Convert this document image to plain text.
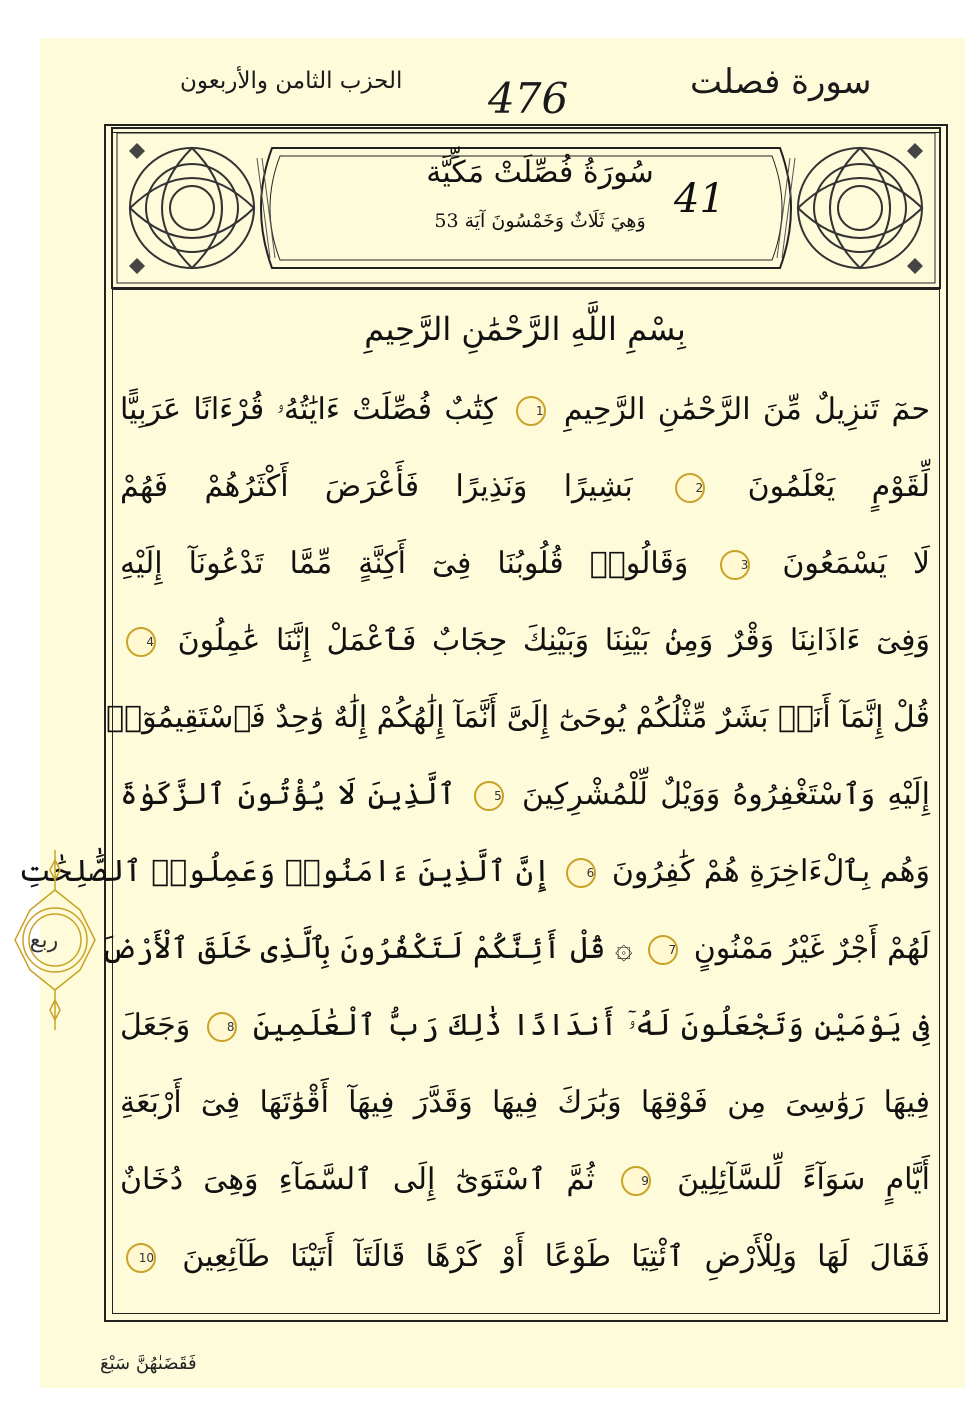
سورة فصلت
476
الحزب الثامن والأربعون
41
سُورَةُ فُصِّلَتْ مَكِّيَّة
وَهِيَ ثَلَاثٌ وَخَمْسُونَ آيَة 53
بِسْمِ اللَّهِ الرَّحْمَٰنِ الرَّحِيمِ
حمٓ تَنزِيلٌ مِّنَ الرَّحْمَٰنِ الرَّحِيمِ 1 كِتَٰبٌ فُصِّلَتْ ءَايَٰتُهُۥ قُرْءَانًا عَرَبِيًّا
لِّقَوْمٍ يَعْلَمُونَ 2 بَشِيرًا وَنَذِيرًا فَأَعْرَضَ أَكْثَرُهُمْ فَهُمْ
لَا يَسْمَعُونَ 3 وَقَالُوا۟ قُلُوبُنَا فِىٓ أَكِنَّةٍ مِّمَّا تَدْعُونَآ إِلَيْهِ
وَفِىٓ ءَاذَانِنَا وَقْرٌ وَمِنۢ بَيْنِنَا وَبَيْنِكَ حِجَابٌ فَٱعْمَلْ إِنَّنَا عَٰمِلُونَ 4
قُلْ إِنَّمَآ أَنَا۠ بَشَرٌ مِّثْلُكُمْ يُوحَىٰٓ إِلَىَّ أَنَّمَآ إِلَٰهُكُمْ إِلَٰهٌ وَٰحِدٌ فَٱسْتَقِيمُوٓا۟
إِلَيْهِ وَٱسْتَغْفِرُوهُ وَوَيْلٌ لِّلْمُشْرِكِينَ 5 ٱلَّذِينَ لَا يُؤْتُونَ ٱلزَّكَوٰةَ
وَهُم بِٱلْءَاخِرَةِ هُمْ كَٰفِرُونَ 6 إِنَّ ٱلَّذِينَ ءَامَنُوا۟ وَعَمِلُوا۟ ٱلصَّٰلِحَٰتِ
لَهُمْ أَجْرٌ غَيْرُ مَمْنُونٍ 7 ۞ قُلْ أَئِنَّكُمْ لَتَكْفُرُونَ بِٱلَّذِى خَلَقَ ٱلْأَرْضَ
فِى يَوْمَيْنِ وَتَجْعَلُونَ لَهُۥٓ أَندَادًا ذَٰلِكَ رَبُّ ٱلْعَٰلَمِينَ 8 وَجَعَلَ
فِيهَا رَوَٰسِىَ مِن فَوْقِهَا وَبَٰرَكَ فِيهَا وَقَدَّرَ فِيهَآ أَقْوَٰتَهَا فِىٓ أَرْبَعَةِ
أَيَّامٍ سَوَآءً لِّلسَّآئِلِينَ 9 ثُمَّ ٱسْتَوَىٰٓ إِلَى ٱلسَّمَآءِ وَهِىَ دُخَانٌ
فَقَالَ لَهَا وَلِلْأَرْضِ ٱئْتِيَا طَوْعًا أَوْ كَرْهًا قَالَتَآ أَتَيْنَا طَآئِعِينَ 10
ربع
فَقَضَىٰهُنَّ سَبْعَ
